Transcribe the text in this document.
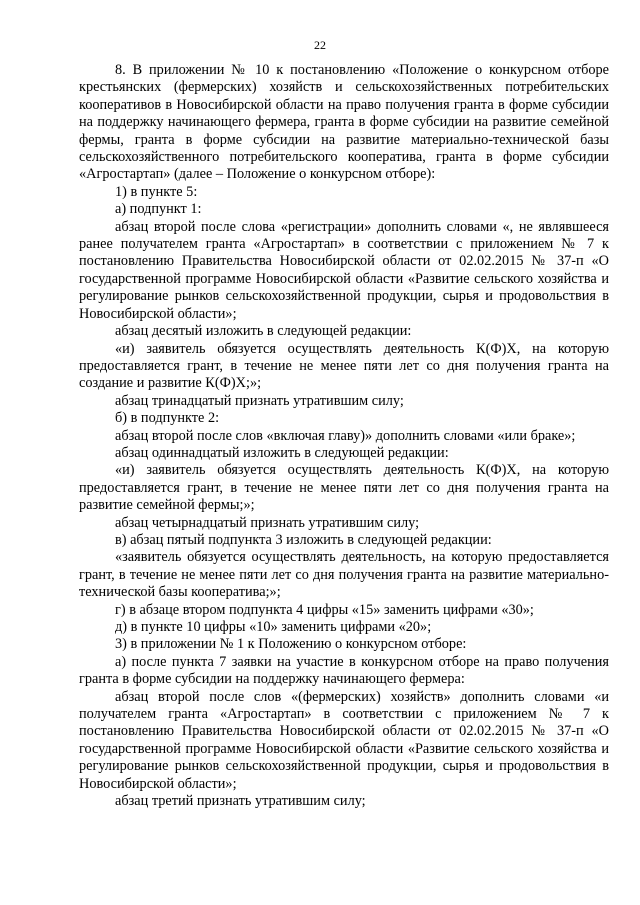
22

8. В приложении № 10 к постановлению «Положение о конкурсном отборе крестьянских (фермерских) хозяйств и сельскохозяйственных потребительских кооперативов в Новосибирской области на право получения гранта в форме субсидии на поддержку начинающего фермера, гранта в форме субсидии на развитие семейной фермы, гранта в форме субсидии на развитие материально-технической базы сельскохозяйственного потребительского кооператива, гранта в форме субсидии «Агростартап» (далее – Положение о конкурсном отборе):

1) в пункте 5:

а) подпункт 1:

абзац второй после слова «регистрации» дополнить словами «, не являвшееся ранее получателем гранта «Агростартап» в соответствии с приложением № 7 к постановлению Правительства Новосибирской области от 02.02.2015 № 37-п «О государственной программе Новосибирской области «Развитие сельского хозяйства и регулирование рынков сельскохозяйственной продукции, сырья и продовольствия в Новосибирской области»;

абзац десятый изложить в следующей редакции:

«и) заявитель обязуется осуществлять деятельность К(Ф)Х, на которую предоставляется грант, в течение не менее пяти лет со дня получения гранта на создание и развитие К(Ф)Х;»;

абзац тринадцатый признать утратившим силу;

б) в подпункте 2:

абзац второй после слов «включая главу)» дополнить словами «или браке»;

абзац одиннадцатый изложить в следующей редакции:

«и) заявитель обязуется осуществлять деятельность К(Ф)Х, на которую предоставляется грант, в течение не менее пяти лет со дня получения гранта на развитие семейной фермы;»;

абзац четырнадцатый признать утратившим силу;

в) абзац пятый подпункта 3 изложить в следующей редакции:

«заявитель обязуется осуществлять деятельность, на которую предоставляется грант, в течение не менее пяти лет со дня получения гранта на развитие материально-технической базы кооператива;»;

г) в абзаце втором подпункта 4 цифры «15» заменить цифрами «30»;

д) в пункте 10 цифры «10» заменить цифрами «20»;

3) в приложении № 1 к Положению о конкурсном отборе:

а) после пункта 7 заявки на участие в конкурсном отборе на право получения гранта в форме субсидии на поддержку начинающего фермера:

абзац второй после слов «(фермерских) хозяйств» дополнить словами «и получателем гранта «Агростартап» в соответствии с приложением № 7 к постановлению Правительства Новосибирской области от 02.02.2015 № 37-п «О государственной программе Новосибирской области «Развитие сельского хозяйства и регулирование рынков сельскохозяйственной продукции, сырья и продовольствия в Новосибирской области»;

абзац третий признать утратившим силу;
